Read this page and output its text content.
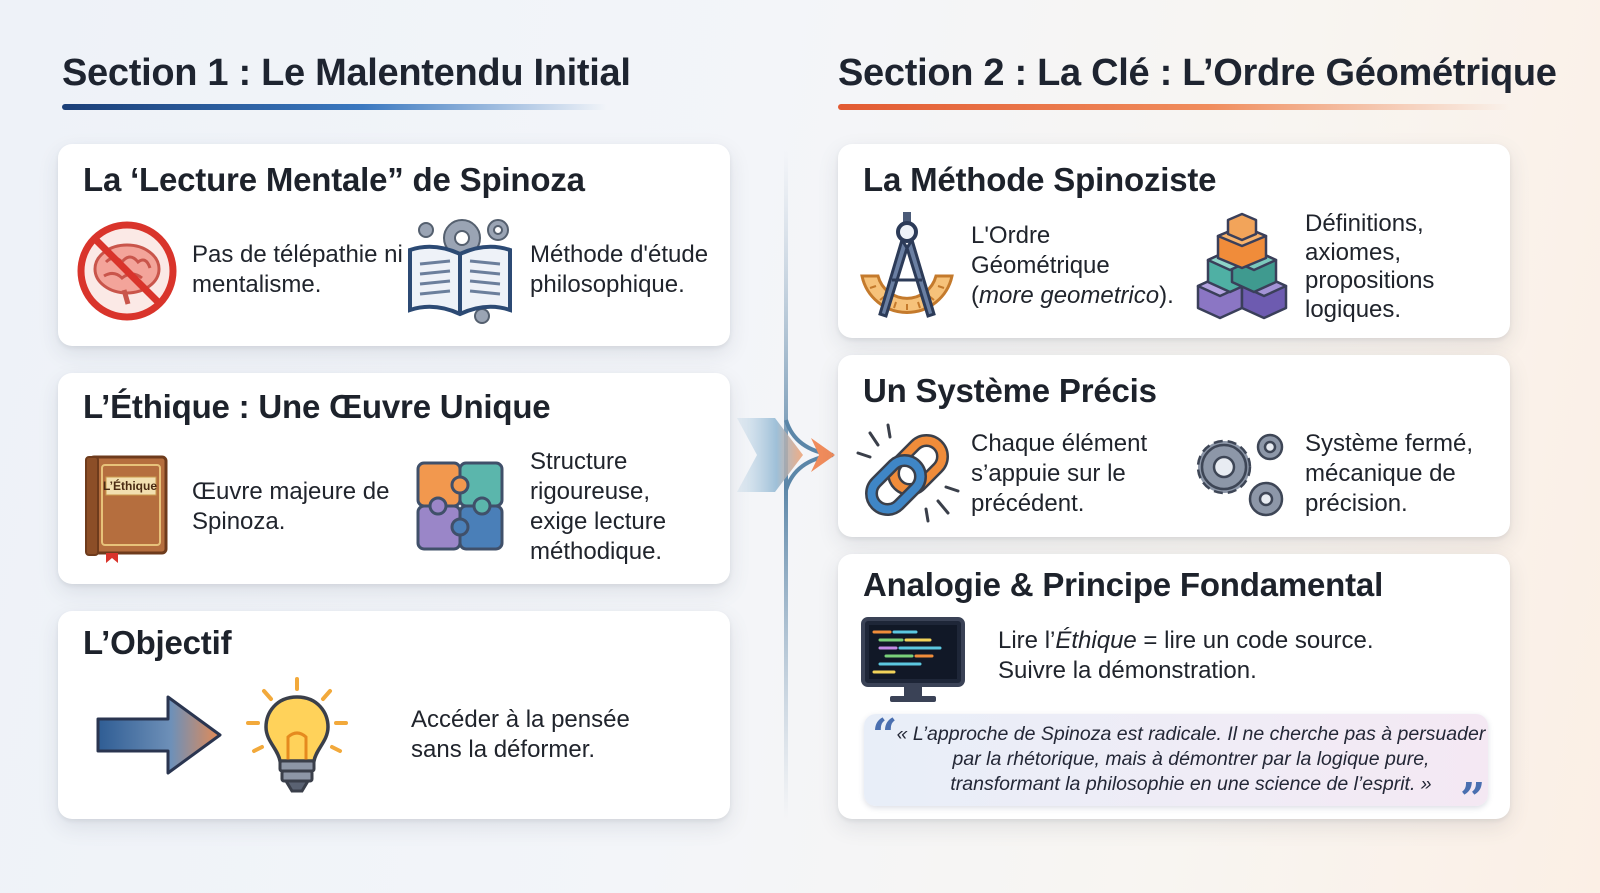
Section 1 : Le Malentendu Initial	Section 2 : La Clé : L’Ordre Géométrique
La ‘Lecture Mentale” de Spinoza
Pas de télépathie ni mentalisme.
Méthode d'étude philosophique.
L’Éthique : Une Œuvre Unique
L’Éthique Œuvre majeure de Spinoza.
Structure rigoureuse, exige lecture méthodique.
L’Objectif
Accéder à la pensée sans la déformer.
La Méthode Spinoziste
L'Ordre
Géométrique
(more geometrico).
Définitions, axiomes, propositions logiques.
Un Système Précis
Chaque élément s’appuie sur le précédent.
Système fermé, mécanique de précision.
Analogie & Principe Fondamental
Lire l’Éthique = lire un code source.
Suivre la démonstration.
“ « L’approche de Spinoza est radicale. Il ne cherche pas à persuader par la rhétorique, mais à démontrer par la logique pure, transformant la philosophie en une science de l’esprit. » ”
